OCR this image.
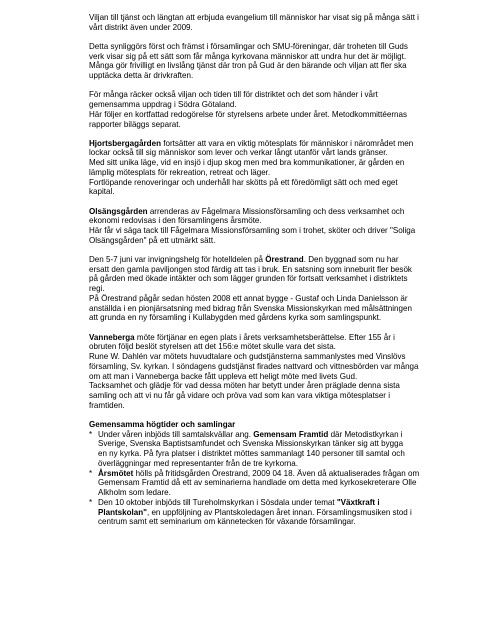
Viljan till tjänst och längtan att erbjuda evangelium till människor har visat sig på många sätt i
vårt distrikt även under 2009.
Detta synliggörs först och främst i församlingar och SMU-föreningar, där troheten till Guds
verk visar sig på ett sätt som får många kyrkovana människor att undra hur det är möjligt.
Många gör frivilligt en livslång tjänst där tron på Gud är den bärande och viljan att fler ska
upptäcka detta är drivkraften.
För många räcker också viljan och tiden till för distriktet och det som händer i vårt
gemensamma uppdrag i Södra Götaland.
Här följer en kortfattad redogörelse för styrelsens arbete under året. Metodkommittéernas
rapporter biläggs separat.
Hjortsbergagården fortsätter att vara en viktig mötesplats för människor i närområdet men
lockar också till sig människor som lever och verkar långt utanför vårt lands gränser.
Med sitt unika läge, vid en insjö i djup skog men med bra kommunikationer, är gården en
lämplig mötesplats för rekreation, retreat och läger.
Fortlöpande renoveringar och underhåll har skötts på ett föredömligt sätt och med eget
kapital.
Olsängsgården arrenderas av Fågelmara Missionsförsamling och dess verksamhet och
ekonomi redovisas i den församlingens årsmöte.
Här får vi säga tack till Fågelmara Missionsförsamling som i trohet, sköter och driver "Soliga
Olsängsgården" på ett utmärkt sätt.
Den 5-7 juni var invigningshelg för hotelldelen på Örestrand. Den byggnad som nu har
ersatt den gamla paviljongen stod färdig att tas i bruk. En satsning som inneburit fler besök
på gården med ökade intäkter och som lägger grunden för fortsatt verksamhet i distriktets
regi.
På Örestrand pågår sedan hösten 2008 ett annat bygge - Gustaf och Linda Danielsson är
anställda i en pionjärsatsning med bidrag från Svenska Missionskyrkan med målsättningen
att grunda en ny församling i Kullabygden med gårdens kyrka som samlingspunkt.
Vanneberga möte förtjänar en egen plats i årets verksamhetsberättelse. Efter 155 år i
obruten följd beslöt styrelsen att det 156:e mötet skulle vara det sista.
Rune W. Dahlén var mötets huvudtalare och gudstjänsterna sammanlystes med Vinslövs
församling, Sv. kyrkan. I söndagens gudstjänst firades nattvard och vittnesbörden var många
om att man i Vanneberga backe fått uppleva ett heligt möte med livets Gud.
Tacksamhet och glädje för vad dessa möten har betytt under åren präglade denna sista
samling och att vi nu får gå vidare och pröva vad som kan vara viktiga mötesplatser i
framtiden.
Gemensamma högtider och samlingar
* Under våren inbjöds till samtalskvällar ang. Gemensam Framtid där Metodistkyrkan i
Sverige, Svenska Baptistsamfundet och Svenska Missionskyrkan tänker sig att bygga
en ny kyrka. På fyra platser i distriktet möttes sammanlagt 140 personer till samtal och
överläggningar med representanter från de tre kyrkorna.
* Årsmötet hölls på fritidsgården Örestrand, 2009 04 18. Även då aktualiserades frågan om
Gemensam Framtid då ett av seminarierna handlade om detta med kyrkosekreterare Olle
Alkholm som ledare.
* Den 10 oktober inbjöds till Tureholmskyrkan i Sösdala under temat "Växtkraft i
Plantskolan", en uppföljning av Plantskoledagen året innan. Församlingsmusiken stod i
centrum samt ett seminarium om kännetecken för växande församlingar.
